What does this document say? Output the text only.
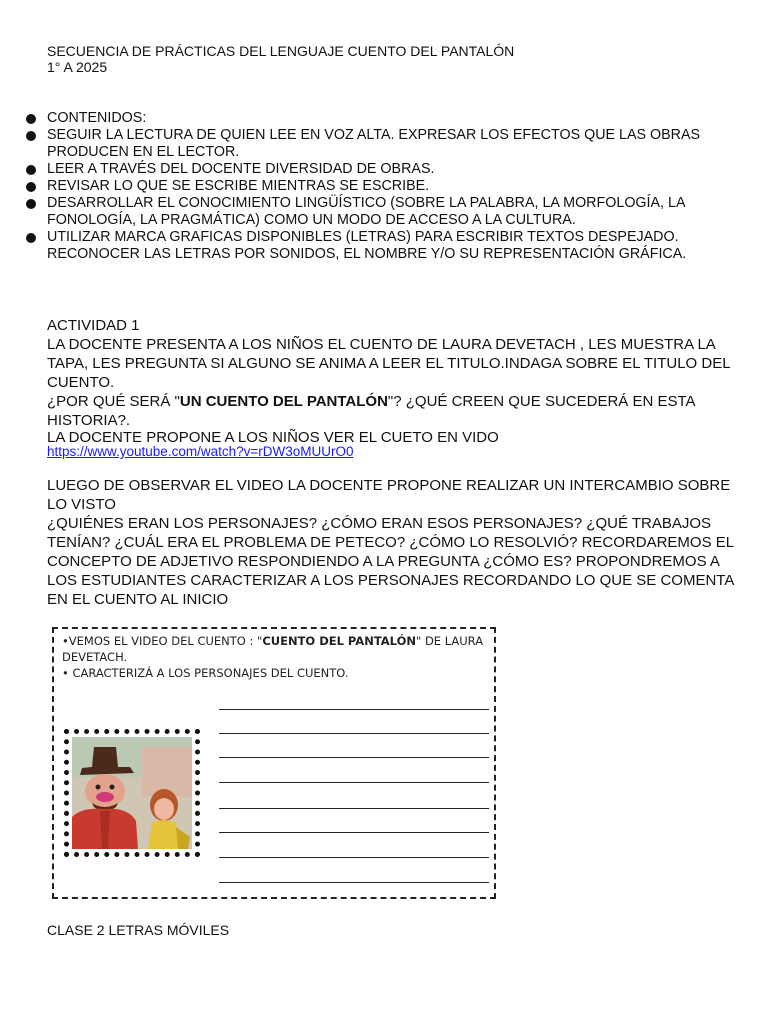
SECUENCIA DE PRÁCTICAS DEL LENGUAJE CUENTO DEL PANTALÓN
1° A 2025
CONTENIDOS:
SEGUIR LA LECTURA DE QUIEN LEE EN VOZ ALTA. EXPRESAR LOS EFECTOS QUE LAS OBRAS PRODUCEN EN EL LECTOR.
LEER A TRAVÉS DEL DOCENTE DIVERSIDAD DE OBRAS.
REVISAR LO QUE SE ESCRIBE MIENTRAS SE ESCRIBE.
DESARROLLAR EL CONOCIMIENTO LINGÜÍSTICO (SOBRE LA PALABRA, LA MORFOLOGÍA, LA FONOLOGÍA, LA PRAGMÁTICA) COMO UN MODO DE ACCESO A LA CULTURA.
UTILIZAR MARCA GRAFICAS DISPONIBLES (LETRAS) PARA ESCRIBIR TEXTOS DESPEJADO. RECONOCER LAS LETRAS POR SONIDOS, EL NOMBRE Y/O SU REPRESENTACIÓN GRÁFICA.
ACTIVIDAD 1
LA DOCENTE PRESENTA A LOS NIÑOS EL CUENTO DE LAURA DEVETACH , LES MUESTRA LA TAPA, LES PREGUNTA SI ALGUNO SE ANIMA A LEER EL TITULO.INDAGA SOBRE EL TITULO DEL CUENTO.
¿POR QUÉ SERÁ "UN CUENTO DEL PANTALÓN"? ¿QUÉ CREEN QUE SUCEDERÁ EN ESTA HISTORIA?.
LA DOCENTE PROPONE A LOS NIÑOS VER EL CUETO EN VIDO
https://www.youtube.com/watch?v=rDW3oMUUrO0
LUEGO DE OBSERVAR EL VIDEO LA DOCENTE PROPONE REALIZAR UN INTERCAMBIO SOBRE LO VISTO
¿QUIÉNES ERAN LOS PERSONAJES? ¿CÓMO ERAN ESOS PERSONAJES? ¿QUÉ TRABAJOS TENÍAN? ¿CUÁL ERA EL PROBLEMA DE PETECO? ¿CÓMO LO RESOLVIÓ? RECORDAREMOS EL CONCEPTO DE ADJETIVO RESPONDIENDO A LA PREGUNTA ¿CÓMO ES? PROPONDREMOS A LOS ESTUDIANTES CARACTERIZAR A LOS PERSONAJES RECORDANDO LO QUE SE COMENTA EN EL CUENTO AL INICIO
•VEMOS EL VIDEO DEL CUENTO : "CUENTO DEL PANTALÓN" DE LAURA DEVETACH.
• CARACTERIZÁ A LOS PERSONAJES DEL CUENTO.
CLASE 2 LETRAS MÓVILES
